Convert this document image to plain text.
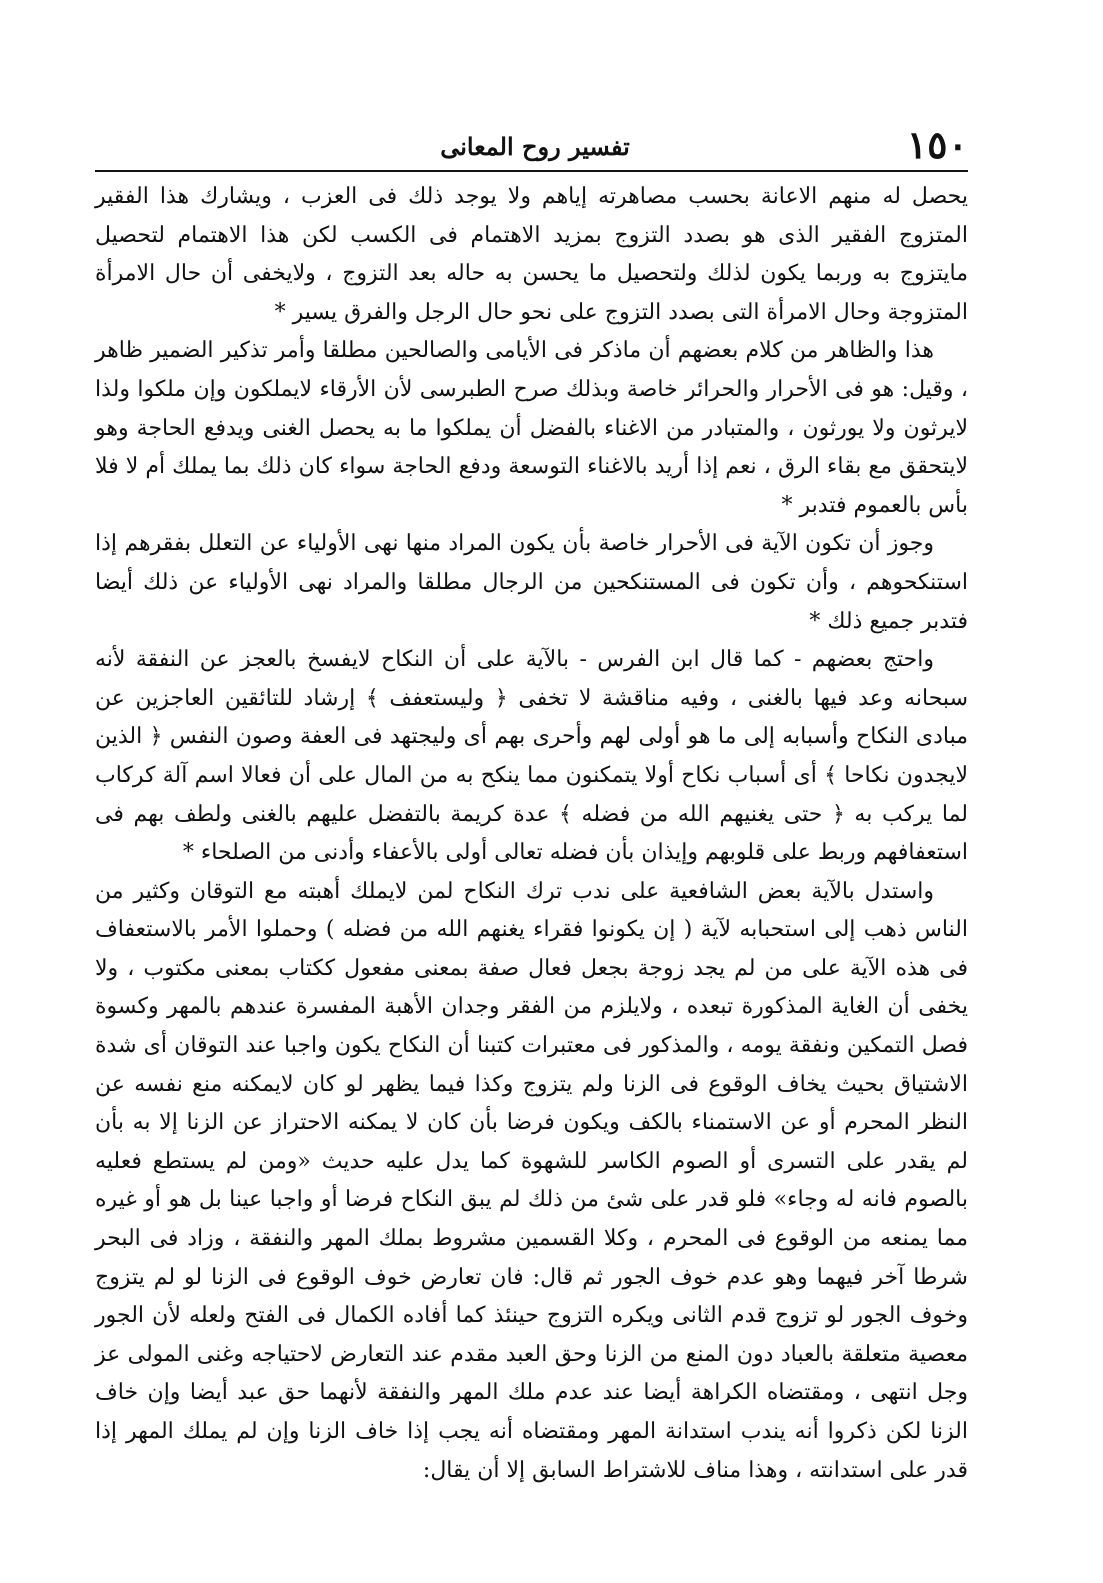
١٥٠
تفسير روح المعانى

يحصل له منهم الاعانة بحسب مصاهرته إياهم ولا يوجد ذلك فى العزب ، ويشارك هذا الفقير المتزوج الفقير الذى هو بصدد التزوج بمزيد الاهتمام فى الكسب لكن هذا الاهتمام لتحصيل مايتزوج به وربما يكون لذلك ولتحصيل ما يحسن به حاله بعد التزوج ، ولايخفى أن حال الامرأة المتزوجة وحال الامرأة التى بصدد التزوج على نحو حال الرجل والفرق يسير *

هذا والظاهر من كلام بعضهم أن ماذكر فى الأيامى والصالحين مطلقا وأمر تذكير الضمير ظاهر ، وقيل: هو فى الأحرار والحرائر خاصة وبذلك صرح الطبرسى لأن الأرقاء لايملكون وإن ملكوا ولذا لايرثون ولا يورثون ، والمتبادر من الاغناء بالفضل أن يملكوا ما به يحصل الغنى ويدفع الحاجة وهو لايتحقق مع بقاء الرق ، نعم إذا أريد بالاغناء التوسعة ودفع الحاجة سواء كان ذلك بما يملك أم لا فلا بأس بالعموم فتدبر *

وجوز أن تكون الآية فى الأحرار خاصة بأن يكون المراد منها نهى الأولياء عن التعلل بفقرهم إذا استنكحوهم ، وأن تكون فى المستنكحين من الرجال مطلقا والمراد نهى الأولياء عن ذلك أيضا فتدبر جميع ذلك *

واحتج بعضهم - كما قال ابن الفرس - بالآية على أن النكاح لايفسخ بالعجز عن النفقة لأنه سبحانه وعد فيها بالغنى ، وفيه مناقشة لا تخفى ﴿ وليستعفف ﴾ إرشاد للتائقين العاجزين عن مبادى النكاح وأسبابه إلى ما هو أولى لهم وأحرى بهم أى وليجتهد فى العفة وصون النفس ﴿ الذين لايجدون نكاحا ﴾ أى أسباب نكاح أولا يتمكنون مما ينكح به من المال على أن فعالا اسم آلة كركاب لما يركب به ﴿ حتى يغنيهم الله من فضله ﴾ عدة كريمة بالتفضل عليهم بالغنى ولطف بهم فى استعفافهم وربط على قلوبهم وإيذان بأن فضله تعالى أولى بالأعفاء وأدنى من الصلحاء *

واستدل بالآية بعض الشافعية على ندب ترك النكاح لمن لايملك أهبته مع التوقان وكثير من الناس ذهب إلى استحبابه لآية ( إن يكونوا فقراء يغنهم الله من فضله ) وحملوا الأمر بالاستعفاف فى هذه الآية على من لم يجد زوجة بجعل فعال صفة بمعنى مفعول ككتاب بمعنى مكتوب ، ولا يخفى أن الغاية المذكورة تبعده ، ولايلزم من الفقر وجدان الأهبة المفسرة عندهم بالمهر وكسوة فصل التمكين ونفقة يومه ، والمذكور فى معتبرات كتبنا أن النكاح يكون واجبا عند التوقان أى شدة الاشتياق بحيث يخاف الوقوع فى الزنا ولم يتزوج وكذا فيما يظهر لو كان لايمكنه منع نفسه عن النظر المحرم أو عن الاستمناء بالكف ويكون فرضا بأن كان لا يمكنه الاحتراز عن الزنا إلا به بأن لم يقدر على التسرى أو الصوم الكاسر للشهوة كما يدل عليه حديث «ومن لم يستطع فعليه بالصوم فانه له وجاء» فلو قدر على شئ من ذلك لم يبق النكاح فرضا أو واجبا عينا بل هو أو غيره مما يمنعه من الوقوع فى المحرم ، وكلا القسمين مشروط بملك المهر والنفقة ، وزاد فى البحر شرطا آخر فيهما وهو عدم خوف الجور ثم قال: فان تعارض خوف الوقوع فى الزنا لو لم يتزوج وخوف الجور لو تزوج قدم الثانى ويكره التزوج حينئذ كما أفاده الكمال فى الفتح ولعله لأن الجور معصية متعلقة بالعباد دون المنع من الزنا وحق العبد مقدم عند التعارض لاحتياجه وغنى المولى عز وجل انتهى ، ومقتضاه الكراهة أيضا عند عدم ملك المهر والنفقة لأنهما حق عبد أيضا وإن خاف الزنا لكن ذكروا أنه يندب استدانة المهر ومقتضاه أنه يجب إذا خاف الزنا وإن لم يملك المهر إذا قدر على استدانته ، وهذا مناف للاشتراط السابق إلا أن يقال:
